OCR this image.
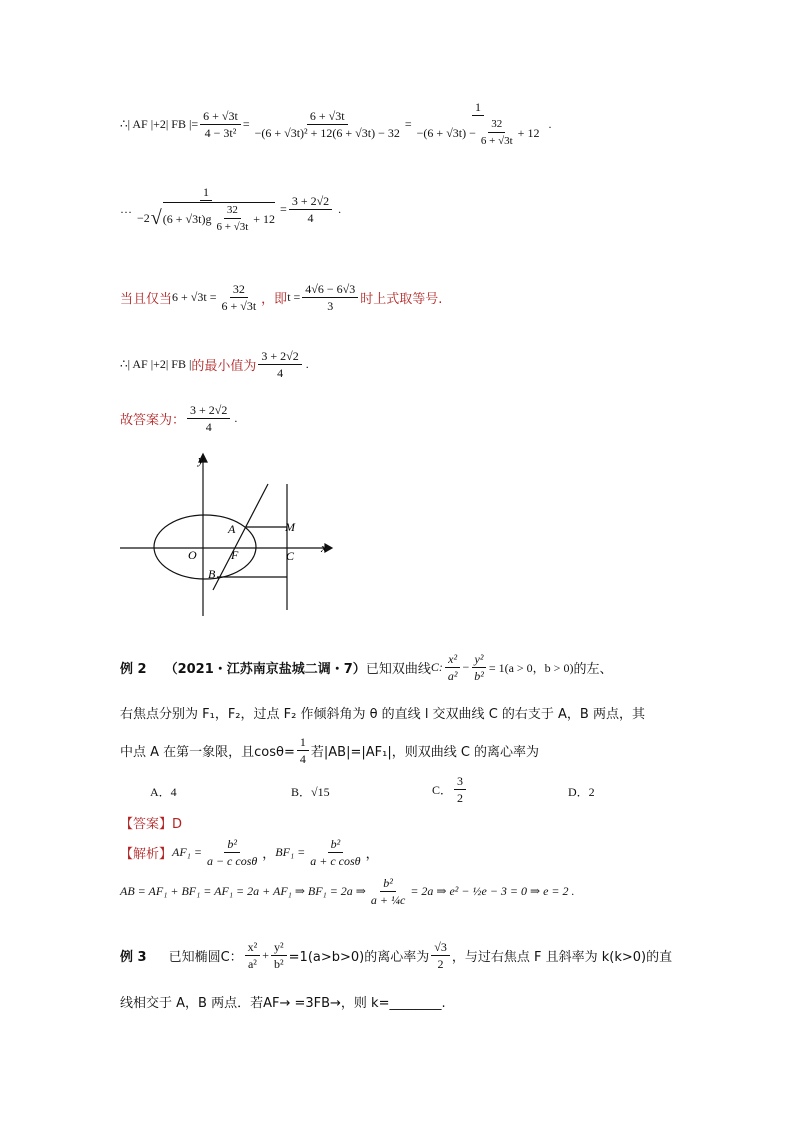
∴| AF |+2| FB |= $\frac{6 + √3t}{\text{4 − 3t²}} = \frac{6 + √3t}{\text{−(6 + √3t)² + 12(6 + √3t) − 32}}$ =
1
$-(6 + √3t) - \frac{32}{6 + √3t} + 12$
.
…
1
−2 √ $(6 + √3t)g \frac{32}{6 + √3t} + 12$
= $\frac{3 + 2√2}{4}$ .
当且仅当 $6 + √3t = \frac{32}{6 + √3t}$ ，即 $t = \frac{4√6 - 6√3}{3}$ 时上式取等号.
∴| AF |+2| FB | 的最小值为 $\frac{3 + 2√2}{4}$ .
故答案为： $\frac{3 + 2√2}{4}$ .
y
x
O	F
A
B
M
C
例 2 （2021・江苏南京盐城二调・7） 已知双曲线 C: $\frac{\text{x²}}{\text{a²}} - \frac{\text{y²}}{\text{b²}} = 1(a > 0$，b > 0) 的左、
右焦点分别为 F₁，F₂，过点 F₂ 作倾斜角为 θ 的直线 l 交双曲线 C 的右支于 A，B 两点，其
中点 A 在第一象限，且$\cos\theta= \frac{1}{4}$ 若|AB|=|AF₁|，则双曲线 C 的离心率为
A．4	B．√15	C． $\frac{3}{2}$	D．2
【答案】D
【解析】 $AF_1 = \frac{\text{b²}}{\text{a − c cosθ}}$ ， $BF_1 = \frac{\text{b²}}{\text{a + c cosθ}}$ ，
AB = AF₁ + BF₁ = AF₁ = 2a + AF₁ ⇒ BF₁ = 2a ⇒ $\frac{\text{b²}}{\text{a + ¼c}} = 2a$ ⇒ e² − ½e − 3 = 0 ⇒ e = 2 .
例 3 已知椭圆C： $\frac{\text{x²}}{\text{a²}} + \frac{\text{y²}}{\text{b²}} =1(a>b>0)$的离心率为 $\frac{√3}{2}$ ，与过右焦点 F 且斜率为 k(k>0)的直
线相交于 A，B 两点．若AF→ =3FB→，则 k=________.
